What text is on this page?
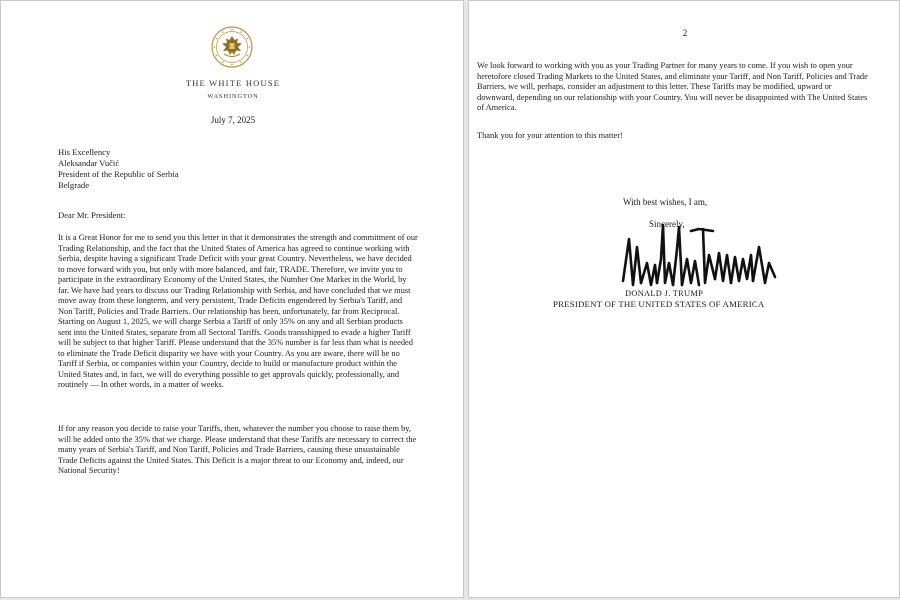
THE WHITE HOUSE
WASHINGTON
July 7, 2025
His Excellency
Aleksandar Vučić
President of the Republic of Serbia
Belgrade
Dear Mr. President:

It is a Great Honor for me to send you this letter in that it demonstrates the strength and commitment of our Trading Relationship, and the fact that the United States of America has agreed to continue working with Serbia, despite having a significant Trade Deficit with your great Country. Nevertheless, we have decided to move forward with you, but only with more balanced, and fair, TRADE. Therefore, we invite you to participate in the extraordinary Economy of the United States, the Number One Market in the World, by far. We have had years to discuss our Trading Relationship with Serbia, and have concluded that we must move away from these longterm, and very persistent, Trade Deficits engendered by Serbia's Tariff, and Non Tariff, Policies and Trade Barriers. Our relationship has been, unfortunately, far from Reciprocal. Starting on August 1, 2025, we will charge Serbia a Tariff of only 35% on any and all Serbian products sent into the United States, separate from all Sectoral Tariffs. Goods transshipped to evade a higher Tariff will be subject to that higher Tariff. Please understand that the 35% number is far less than what is needed to eliminate the Trade Deficit disparity we have with your Country. As you are aware, there will be no Tariff if Serbia, or companies within your Country, decide to build or manufacture product within the United States and, in fact, we will do everything possible to get approvals quickly, professionally, and routinely — In other words, in a matter of weeks.

If for any reason you decide to raise your Tariffs, then, whatever the number you choose to raise them by, will be added onto the 35% that we charge. Please understand that these Tariffs are necessary to correct the many years of Serbia's Tariff, and Non Tariff, Policies and Trade Barriers, causing these unsustainable Trade Deficits against the United States. This Deficit is a major threat to our Economy and, indeed, our National Security!

2

We look forward to working with you as your Trading Partner for many years to come. If you wish to open your heretofore closed Trading Markets to the United States, and eliminate your Tariff, and Non Tariff, Policies and Trade Barriers, we will, perhaps, consider an adjustment to this letter. These Tariffs may be modified, upward or downward, depending on our relationship with your Country. You will never be disappointed with The United States of America.

Thank you for your attention to this matter!

With best wishes, I am,
Sincerely,
DONALD J. TRUMP
PRESIDENT OF THE UNITED STATES OF AMERICA
